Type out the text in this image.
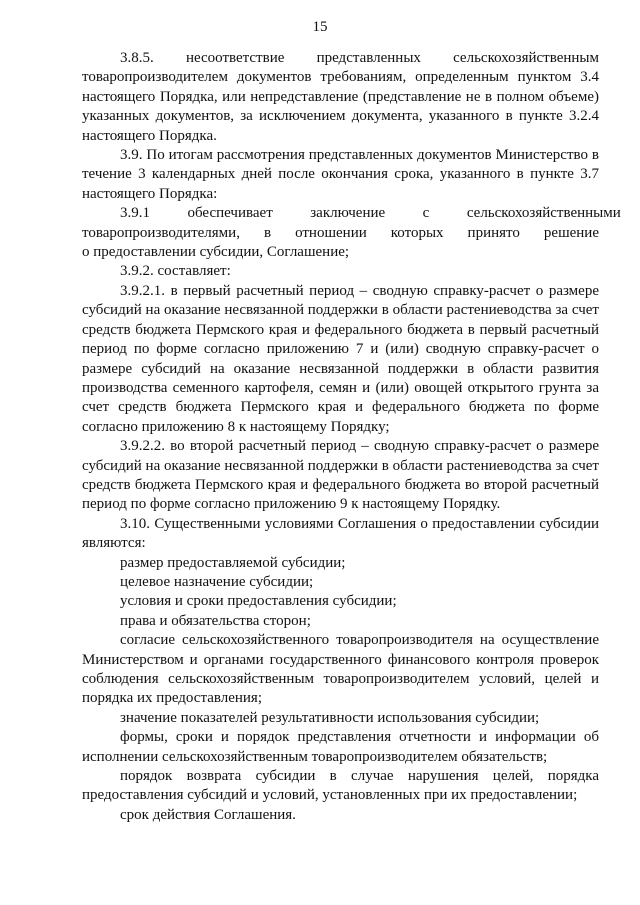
15

3.8.5.        несоответствие        представленных        сельскохозяйственным товаропроизводителем документов требованиям, определенным пунктом 3.4 настоящего Порядка, или непредставление (представление не в полном объеме) указанных документов, за исключением документа, указанного в пункте 3.2.4 настоящего Порядка.

3.9. По итогам рассмотрения представленных документов Министерство в течение 3 календарных дней после окончания срока, указанного в пункте 3.7 настоящего Порядка:

3.9.1          обеспечивает          заключение          с          сельскохозяйственными товаропроизводителями,      в      отношении      которых      принято      решение о предоставлении субсидии, Соглашение;

3.9.2. составляет:

3.9.2.1. в первый расчетный период – сводную справку-расчет о размере субсидий на оказание несвязанной поддержки в области растениеводства за счет средств бюджета Пермского края и федерального бюджета в первый расчетный период по форме согласно приложению 7 и (или) сводную справку-расчет о размере субсидий на оказание несвязанной поддержки в области развития производства семенного картофеля, семян и (или) овощей открытого грунта за счет средств бюджета Пермского края и федерального бюджета по форме согласно приложению 8 к настоящему Порядку;

3.9.2.2. во второй расчетный период – сводную справку-расчет о размере субсидий на оказание несвязанной поддержки в области растениеводства за счет средств бюджета Пермского края и федерального бюджета во второй расчетный период по форме согласно приложению 9 к настоящему Порядку.

3.10. Существенными условиями Соглашения о предоставлении субсидии являются:

размер предоставляемой субсидии;

целевое назначение субсидии;

условия и сроки предоставления субсидии;

права и обязательства сторон;

согласие сельскохозяйственного товаропроизводителя на осуществление Министерством и органами государственного финансового контроля проверок соблюдения сельскохозяйственным товаропроизводителем условий, целей и порядка их предоставления;

значение показателей результативности использования субсидии;

формы, сроки и порядок представления отчетности и информации об исполнении сельскохозяйственным товаропроизводителем обязательств;

порядок возврата субсидии в случае нарушения целей, порядка предоставления субсидий и условий, установленных при их предоставлении;

срок действия Соглашения.
